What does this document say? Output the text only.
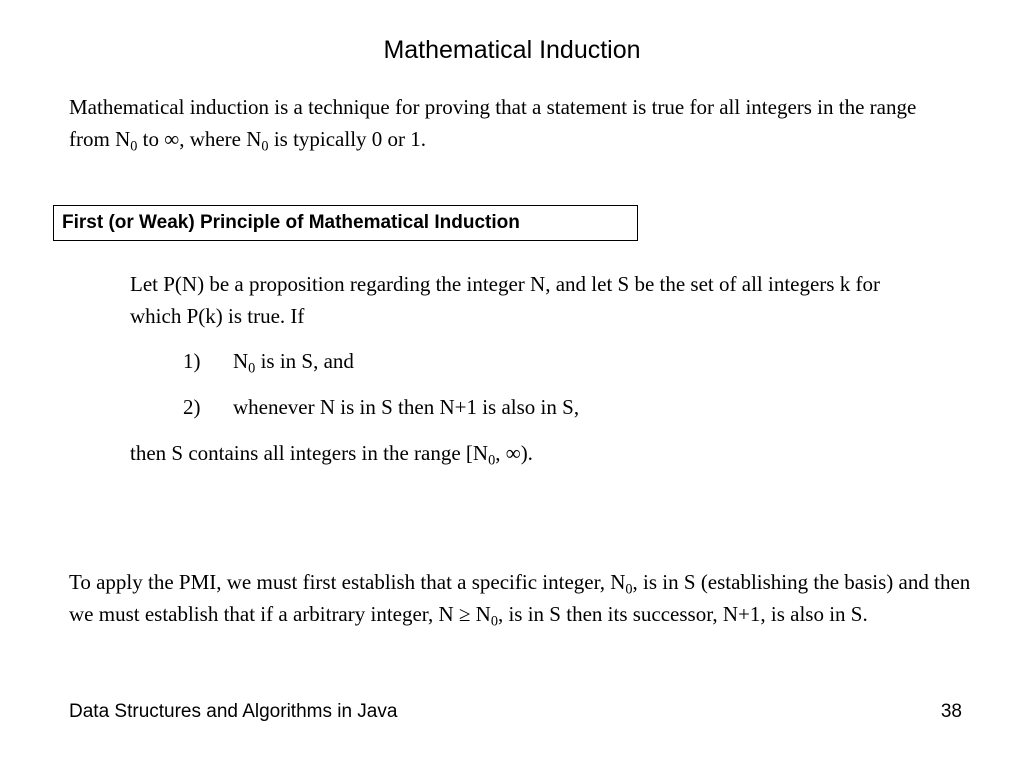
Mathematical Induction

Mathematical induction is a technique for proving that a statement is true for all integers in the range from $N_0$ to ∞, where $N_0$ is typically 0 or 1.

First (or Weak) Principle of Mathematical Induction

Let P(N) be a proposition regarding the integer N, and let S be the set of all integers k for which P(k) is true. If

1) $N_0$ is in S, and
2) whenever N is in S then N+1 is also in S,

then S contains all integers in the range [$N_0$, ∞).

To apply the PMI, we must first establish that a specific integer, $N_0$, is in S (establishing the basis) and then we must establish that if a arbitrary integer, $N \ge N_0$, is in S then its successor, N+1, is also in S.

Data Structures and Algorithms in Java	38
